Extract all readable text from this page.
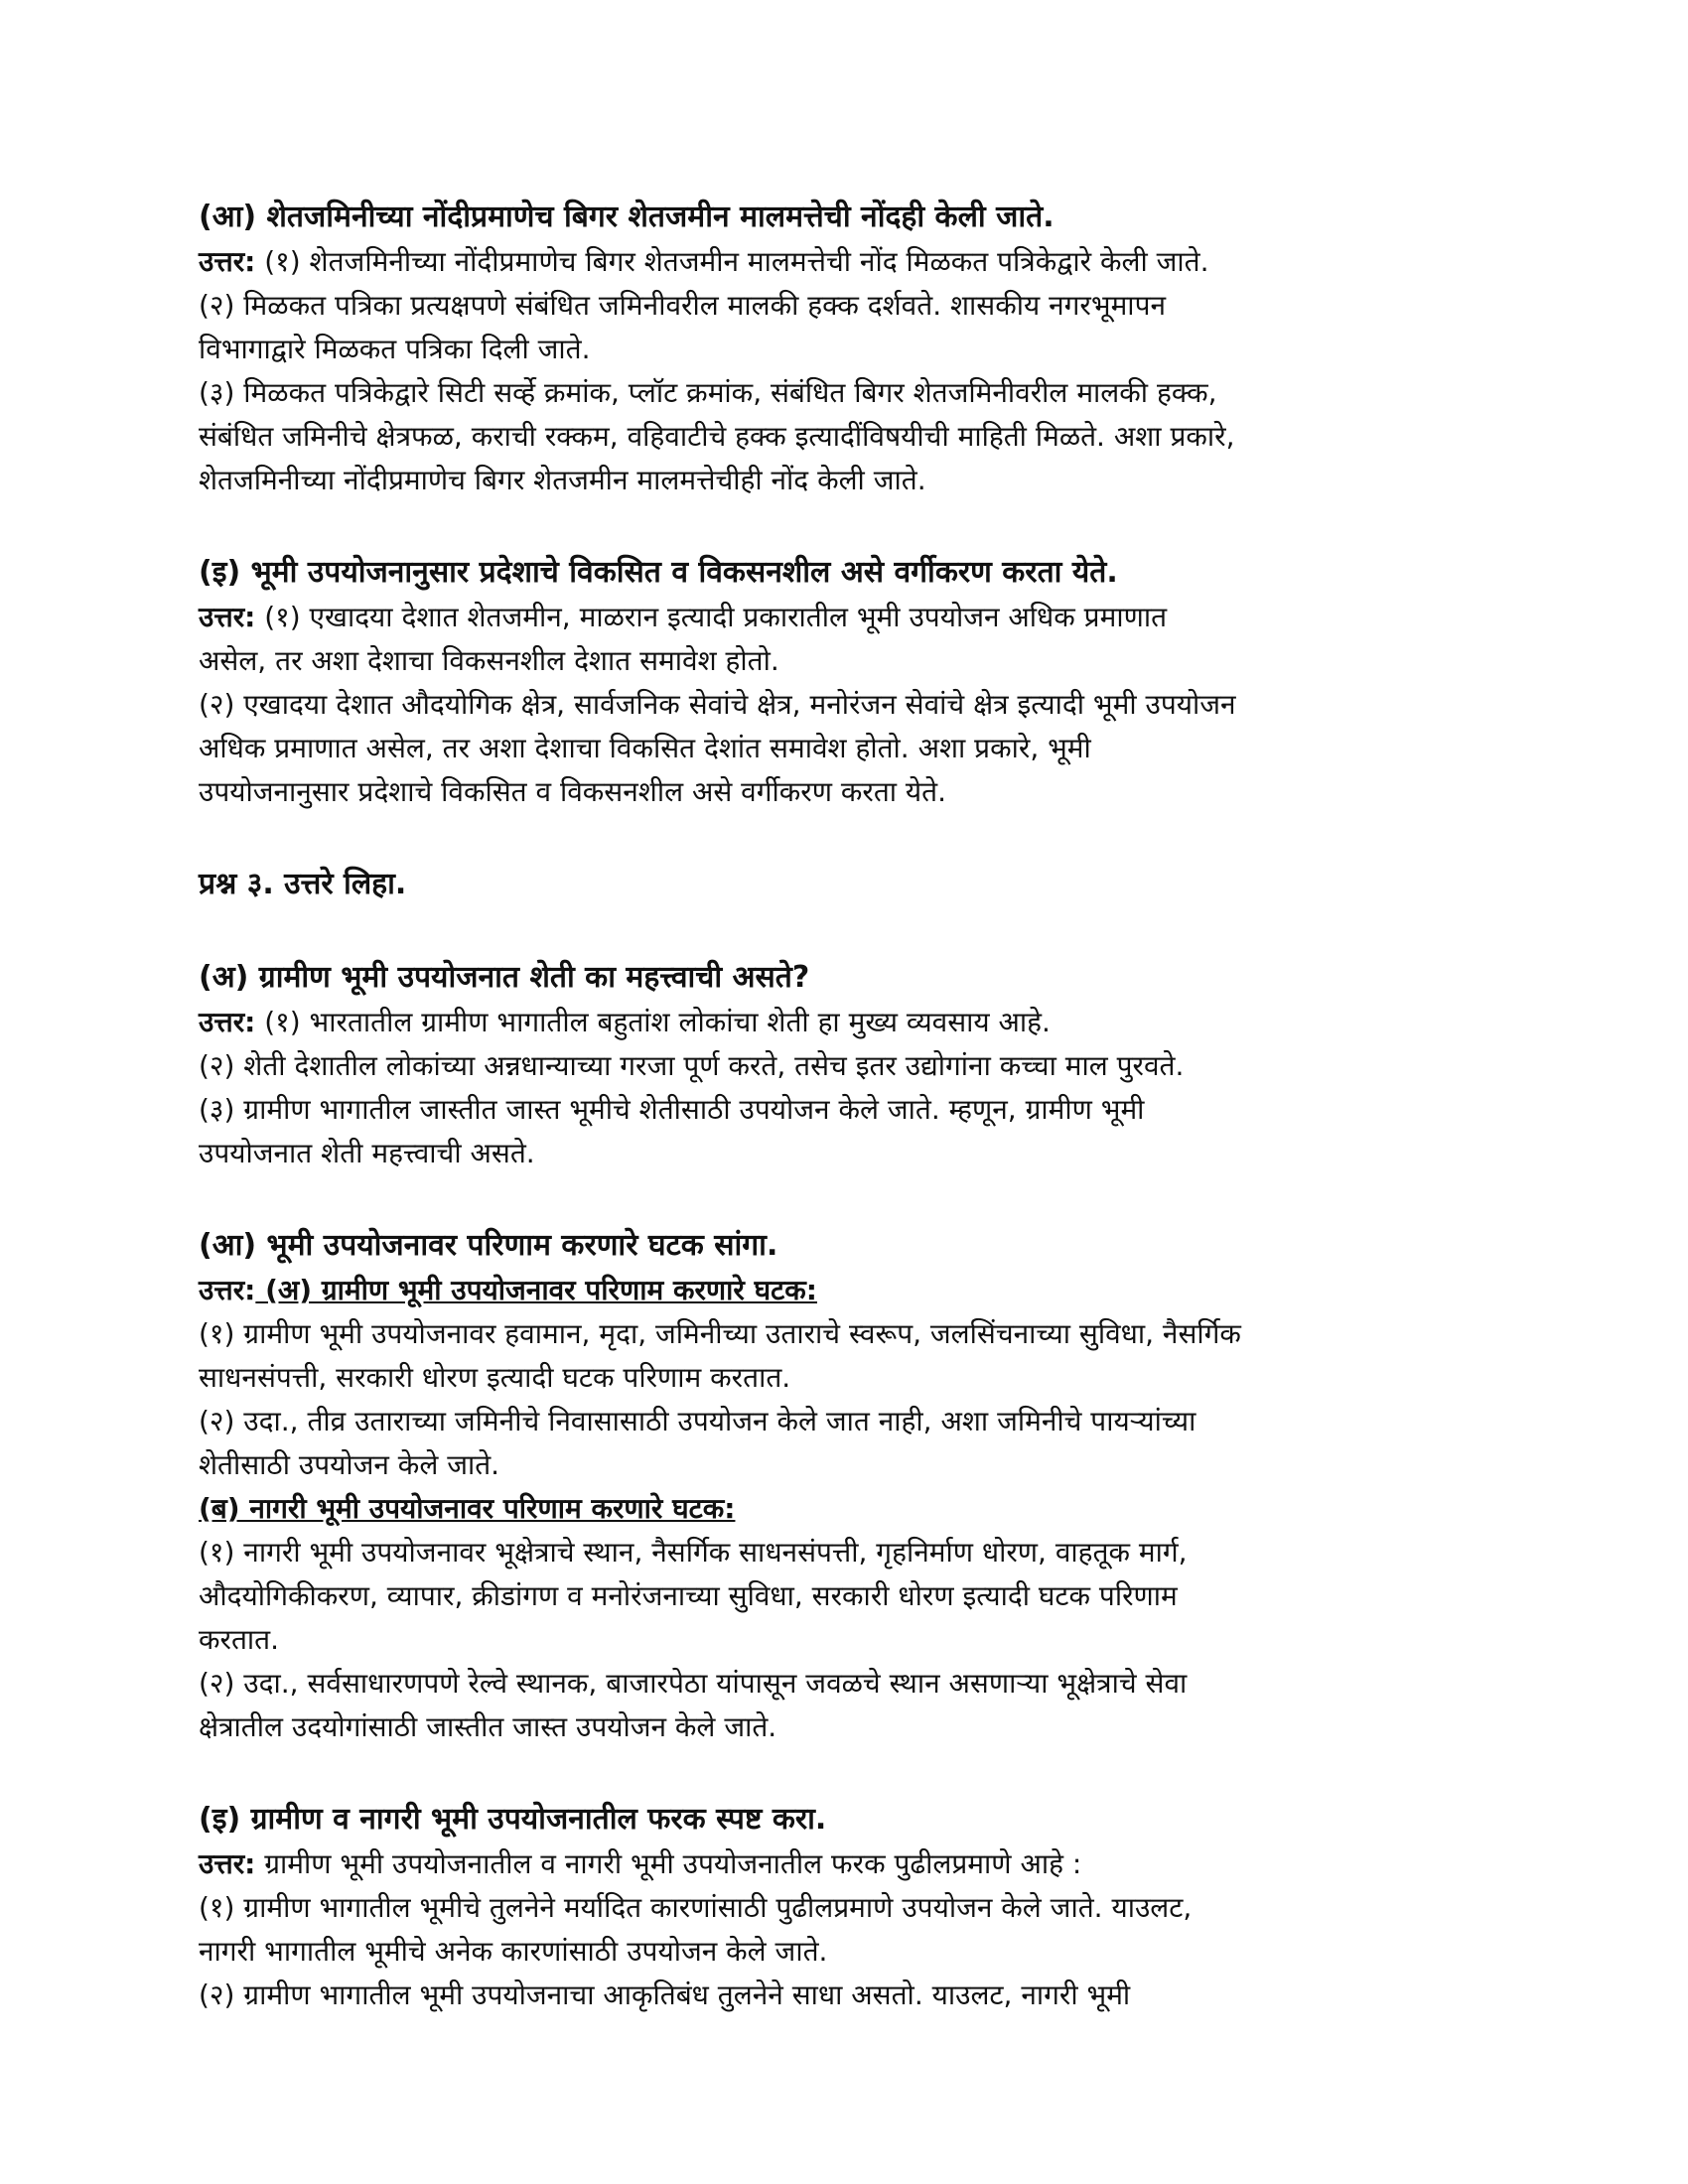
(आ) शेतजमिनीच्या नोंदीप्रमाणेच बिगर शेतजमीन मालमत्तेची नोंदही केली जाते.
उत्तर: (१) शेतजमिनीच्या नोंदीप्रमाणेच बिगर शेतजमीन मालमत्तेची नोंद मिळकत पत्रिकेद्वारे केली जाते.
(२) मिळकत पत्रिका प्रत्यक्षपणे संबंधित जमिनीवरील मालकी हक्क दर्शवते. शासकीय नगरभूमापन
विभागाद्वारे मिळकत पत्रिका दिली जाते.
(३) मिळकत पत्रिकेद्वारे सिटी सर्व्हे क्रमांक, प्लॉट क्रमांक, संबंधित बिगर शेतजमिनीवरील मालकी हक्क,
संबंधित जमिनीचे क्षेत्रफळ, कराची रक्कम, वहिवाटीचे हक्क इत्यादींविषयीची माहिती मिळते. अशा प्रकारे,
शेतजमिनीच्या नोंदीप्रमाणेच बिगर शेतजमीन मालमत्तेचीही नोंद केली जाते.
(इ) भूमी उपयोजनानुसार प्रदेशाचे विकसित व विकसनशील असे वर्गीकरण करता येते.
उत्तर: (१) एखादया देशात शेतजमीन, माळरान इत्यादी प्रकारातील भूमी उपयोजन अधिक प्रमाणात
असेल, तर अशा देशाचा विकसनशील देशात समावेश होतो.
(२) एखादया देशात औदयोगिक क्षेत्र, सार्वजनिक सेवांचे क्षेत्र, मनोरंजन सेवांचे क्षेत्र इत्यादी भूमी उपयोजन
अधिक प्रमाणात असेल, तर अशा देशाचा विकसित देशांत समावेश होतो. अशा प्रकारे, भूमी
उपयोजनानुसार प्रदेशाचे विकसित व विकसनशील असे वर्गीकरण करता येते.
प्रश्न ३. उत्तरे लिहा.
(अ) ग्रामीण भूमी उपयोजनात शेती का महत्त्वाची असते?
उत्तर: (१) भारतातील ग्रामीण भागातील बहुतांश लोकांचा शेती हा मुख्य व्यवसाय आहे.
(२) शेती देशातील लोकांच्या अन्नधान्याच्या गरजा पूर्ण करते, तसेच इतर उद्योगांना कच्चा माल पुरवते.
(३) ग्रामीण भागातील जास्तीत जास्त भूमीचे शेतीसाठी उपयोजन केले जाते. म्हणून, ग्रामीण भूमी
उपयोजनात शेती महत्त्वाची असते.
(आ) भूमी उपयोजनावर परिणाम करणारे घटक सांगा.
उत्तर: (अ) ग्रामीण भूमी उपयोजनावर परिणाम करणारे घटक:
(१) ग्रामीण भूमी उपयोजनावर हवामान, मृदा, जमिनीच्या उताराचे स्वरूप, जलसिंचनाच्या सुविधा, नैसर्गिक
साधनसंपत्ती, सरकारी धोरण इत्यादी घटक परिणाम करतात.
(२) उदा., तीव्र उताराच्या जमिनीचे निवासासाठी उपयोजन केले जात नाही, अशा जमिनीचे पायऱ्यांच्या
शेतीसाठी उपयोजन केले जाते.
(ब) नागरी भूमी उपयोजनावर परिणाम करणारे घटक:
(१) नागरी भूमी उपयोजनावर भूक्षेत्राचे स्थान, नैसर्गिक साधनसंपत्ती, गृहनिर्माण धोरण, वाहतूक मार्ग,
औदयोगिकीकरण, व्यापार, क्रीडांगण व मनोरंजनाच्या सुविधा, सरकारी धोरण इत्यादी घटक परिणाम
करतात.
(२) उदा., सर्वसाधारणपणे रेल्वे स्थानक, बाजारपेठा यांपासून जवळचे स्थान असणाऱ्या भूक्षेत्राचे सेवा
क्षेत्रातील उदयोगांसाठी जास्तीत जास्त उपयोजन केले जाते.
(इ) ग्रामीण व नागरी भूमी उपयोजनातील फरक स्पष्ट करा.
उत्तर: ग्रामीण भूमी उपयोजनातील व नागरी भूमी उपयोजनातील फरक पुढीलप्रमाणे आहे :
(१) ग्रामीण भागातील भूमीचे तुलनेने मर्यादित कारणांसाठी पुढीलप्रमाणे उपयोजन केले जाते. याउलट,
नागरी भागातील भूमीचे अनेक कारणांसाठी उपयोजन केले जाते.
(२) ग्रामीण भागातील भूमी उपयोजनाचा आकृतिबंध तुलनेने साधा असतो. याउलट, नागरी भूमी
